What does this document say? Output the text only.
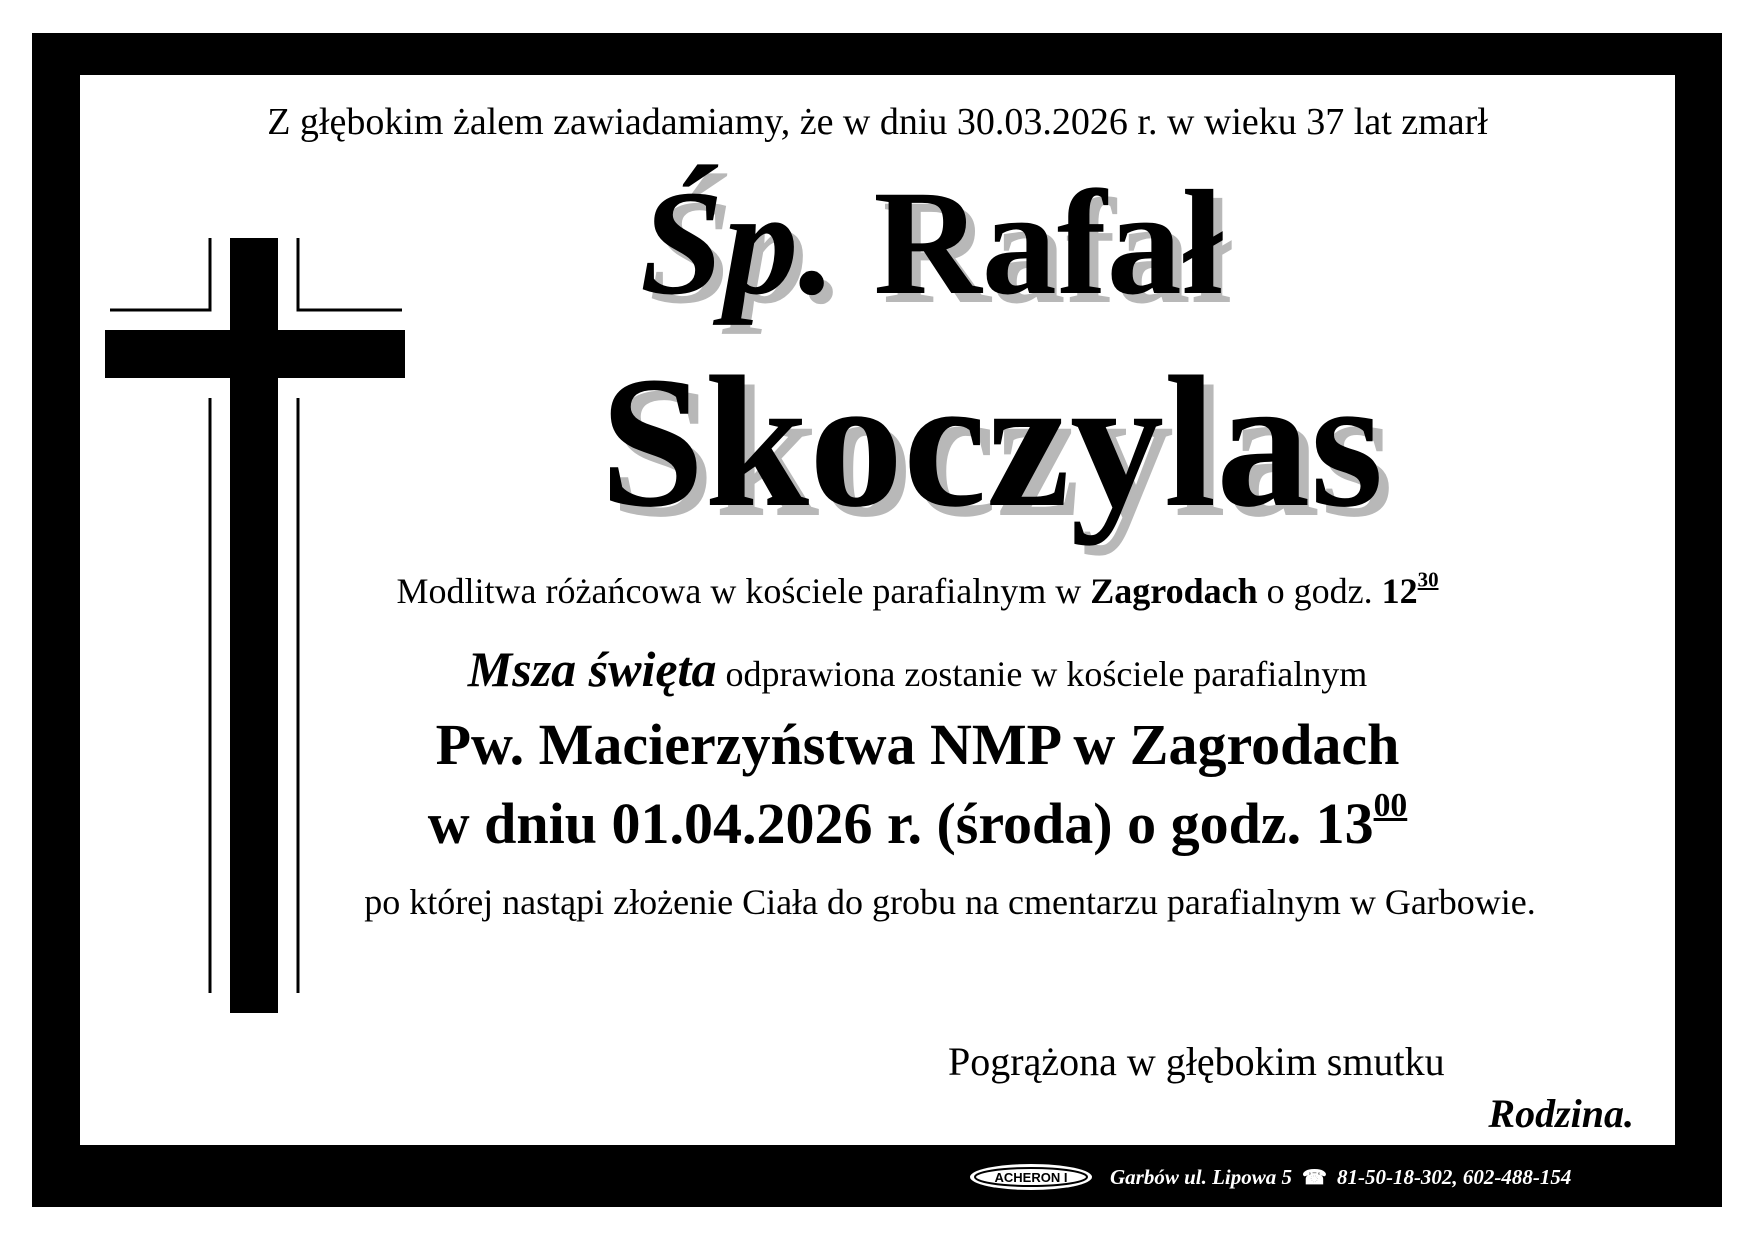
Z głębokim żalem zawiadamiamy, że w dniu 30.03.2026 r. w wieku 37 lat zmarł
Śp. Rafał
Skoczylas
Modlitwa różańcowa w kościele parafialnym w Zagrodach o godz. $12^{30}$
Msza święta odprawiona zostanie w kościele parafialnym
Pw. Macierzyństwa NMP w Zagrodach
w dniu 01.04.2026 r. (środa) o godz. $13^{00}$
po której nastąpi złożenie Ciała do grobu na cmentarzu parafialnym w Garbowie.
Pogrążona w głębokim smutku
Rodzina.
ACHERON I Garbów ul. Lipowa 5 ☎ 81-50-18-302, 602-488-154
